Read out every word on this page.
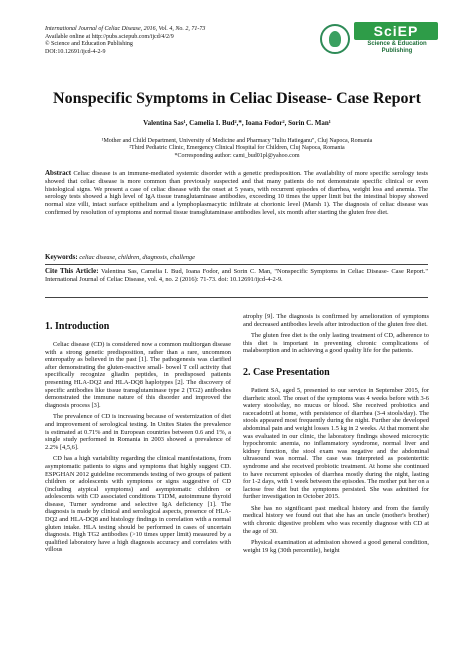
International Journal of Celiac Disease, 2016, Vol. 4, No. 2, 71-73
Available online at http://pubs.sciepub.com/ijcd/4/2/9
© Science and Education Publishing
DOI:10.12691/ijcd-4-2-9
SciEP
Science & Education
Publishing
Nonspecific Symptoms in Celiac Disease- Case Report
Valentina Sas¹, Camelia I. Bud²,*, Ioana Fodor², Sorin C. Man¹
¹Mother and Child Department, University of Medicine and Pharmacy "Iuliu Hatieganu", Cluj Napoca, Romania
²Third Pediatric Clinic, Emergency Clinical Hospital for Children, Cluj Napoca, Romania
*Corresponding author: cami_bud01pl@yahoo.com
Abstract Celiac disease is an immune-mediated systemic disorder with a genetic predisposition. The availability of more specific serology tests showed that celiac disease is more common than previously suspected and that many patients do not demonstrate specific clinical or even histological signs. We present a case of celiac disease with the onset at 5 years, with recurrent episodes of diarrhea, weight loss and anemia. The serology tests showed a high level of IgA tissue transglutaminase antibodies, exceeding 10 times the upper limit but the intestinal biopsy showed normal size villi, intact surface epithelium and a lymphoplasmacytic infiltrate at chorionic level (Marsh 1). The diagnosis of celiac disease was confirmed by resolution of symptoms and normal tissue transglutaminase antibodies level, six month after starting the gluten free diet.
Keywords: celiac disease, children, diagnosis, challenge
Cite This Article: Valentina Sas, Camelia I. Bud, Ioana Fodor, and Sorin C. Man, "Nonspecific Symptoms in Celiac Disease- Case Report." International Journal of Celiac Disease, vol. 4, no. 2 (2016): 71-73. doi: 10.12691/ijcd-4-2-9.
1. Introduction

Celiac disease (CD) is considered now a common multiorgan disease with a strong genetic predisposition, rather than a rare, uncommon enteropathy as believed in the past [1]. The pathogenesis was clarified after demonstrating the gluten-reactive small- bowel T cell activity that specifically recognize gliadin peptides, in predisposed patients presenting HLA-DQ2 and HLA-DQ8 haplotypes [2]. The discovery of specific antibodies like tissue transglutaminase type 2 (TG2) antibodies demonstrated the immune nature of this disorder and improved the diagnosis process [3].

The prevalence of CD is increasing because of westernization of diet and improvement of serological testing. In Unites States the prevalence is estimated at 0.71% and in European countries between 0.6 and 1%, a single study performed in Romania in 2003 showed a prevalence of 2.2% [4,5,6].

CD has a high variability regarding the clinical manifestations, from asymptomatic patients to signs and symptoms that highly suggest CD. ESPGHAN 2012 guideline recommends testing of two groups of patient children or adolescents with symptoms or signs suggestive of CD (including atypical symptoms) and asymptomatic children or adolescents with CD associated conditions T1DM, autoimmune thyroid disease, Turner syndrome and selective IgA deficiency [1]. The diagnosis is made by clinical and serological aspects, presence of HLA-DQ2 and HLA-DQ8 and histology findings in correlation with a normal gluten intake. HLA testing should be performed in cases of uncertain diagnosis. High TG2 antibodies (>10 times upper limit) measured by a qualified laboratory have a high diagnosis accuracy and correlates with villous

atrophy [9]. The diagnosis is confirmed by amelioration of symptoms and decreased antibodies levels after introduction of the gluten free diet.

The gluten free diet is the only lasting treatment of CD, adherence to this diet is important in preventing chronic complications of malabsorption and in achieving a good quality life for the patients.

2. Case Presentation

Patient SA, aged 5, presented to our service in September 2015, for diarrheic stool. The onset of the symptoms was 4 weeks before with 3-6 watery stools/day, no mucus or blood. She received probiotics and racecadotril at home, with persistence of diarrhea (3-4 stools/day). The stools appeared most frequently during the night. Further she developed abdominal pain and weight losses 1.5 kg in 2 weeks. At that moment she was evaluated in our clinic, the laboratory findings showed microcytic hypochromic anemia, no inflammatory syndrome, normal liver and kidney function, the stool exam was negative and the abdominal ultrasound was normal. The case was interpreted as postenteritic syndrome and she received probiotic treatment. At home she continued to have recurrent episodes of diarrhea mostly during the night, lasting for 1-2 days, with 1 week between the episodes. The mother put her on a lactose free diet but the symptoms persisted. She was admitted for further investigation in October 2015.

She has no significant past medical history and from the family medical history we found out that she has an uncle (mother's brother) with chronic digestive problem who was recently diagnose with CD at the age of 30.

Physical examination at admission showed a good general condition, weight 19 kg (30th percentile), height
